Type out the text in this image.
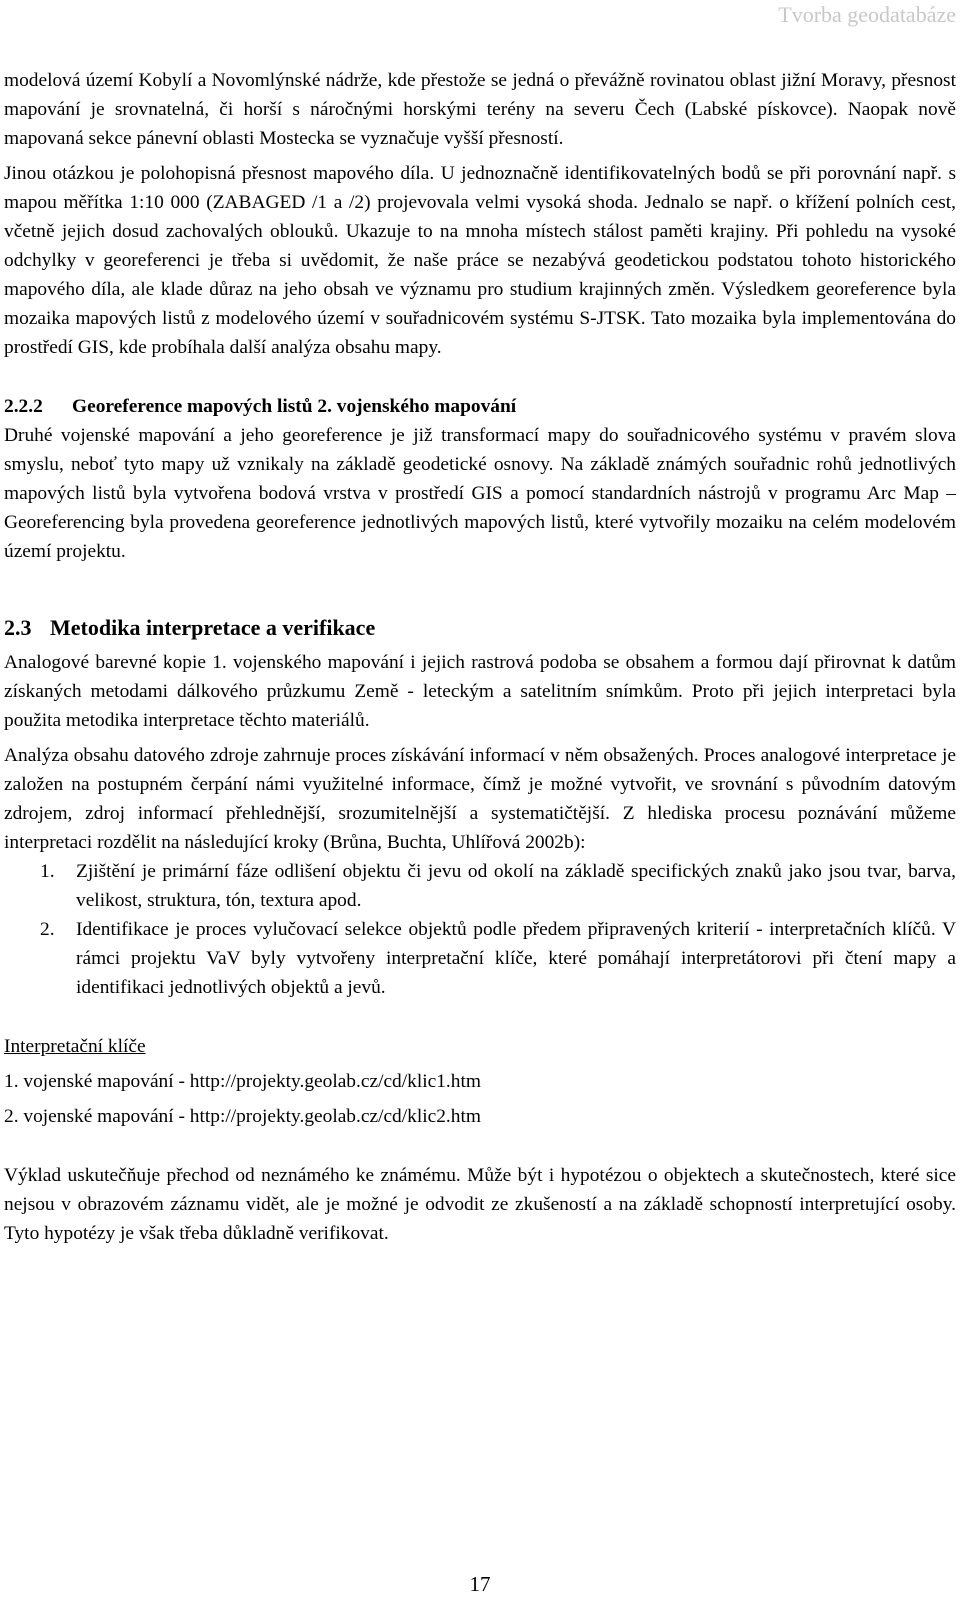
Tvorba geodatabáze

modelová území Kobylí a Novomlýnské nádrže, kde přestože se jedná o převážně rovinatou oblast jižní Moravy, přesnost mapování je srovnatelná, či horší s náročnými horskými terény na severu Čech (Labské pískovce). Naopak nově mapovaná sekce pánevní oblasti Mostecka se vyznačuje vyšší přesností.

Jinou otázkou je polohopisná přesnost mapového díla. U jednoznačně identifikovatelných bodů se při porovnání např. s mapou měřítka 1:10 000 (ZABAGED /1 a /2) projevovala velmi vysoká shoda. Jednalo se např. o křížení polních cest, včetně jejich dosud zachovalých oblouků. Ukazuje to na mnoha místech stálost paměti krajiny. Při pohledu na vysoké odchylky v georeferenci je třeba si uvědomit, že naše práce se nezabývá geodetickou podstatou tohoto historického mapového díla, ale klade důraz na jeho obsah ve významu pro studium krajinných změn. Výsledkem georeference byla mozaika mapových listů z modelového území v souřadnicovém systému S-JTSK. Tato mozaika byla implementována do prostředí GIS, kde probíhala další analýza obsahu mapy.

2.2.2 Georeference mapových listů 2. vojenského mapování

Druhé vojenské mapování a jeho georeference je již transformací mapy do souřadnicového systému v pravém slova smyslu, neboť tyto mapy už vznikaly na základě geodetické osnovy. Na základě známých souřadnic rohů jednotlivých mapových listů byla vytvořena bodová vrstva v prostředí GIS a pomocí standardních nástrojů v programu Arc Map – Georeferencing byla provedena georeference jednotlivých mapových listů, které vytvořily mozaiku na celém modelovém území projektu.

2.3 Metodika interpretace a verifikace

Analogové barevné kopie 1. vojenského mapování i jejich rastrová podoba se obsahem a formou dají přirovnat k datům získaných metodami dálkového průzkumu Země - leteckým a satelitním snímkům. Proto při jejich interpretaci byla použita metodika interpretace těchto materiálů.

Analýza obsahu datového zdroje zahrnuje proces získávání informací v něm obsažených. Proces analogové interpretace je založen na postupném čerpání námi využitelné informace, čímž je možné vytvořit, ve srovnání s původním datovým zdrojem, zdroj informací přehlednější, srozumitelnější a systematičtější. Z hlediska procesu poznávání můžeme interpretaci rozdělit na následující kroky (Brůna, Buchta, Uhlířová 2002b):

1.	Zjištění je primární fáze odlišení objektu či jevu od okolí na základě specifických znaků jako jsou tvar, barva, velikost, struktura, tón, textura apod.
2.	Identifikace je proces vylučovací selekce objektů podle předem připravených kriterií - interpretačních klíčů. V rámci projektu VaV byly vytvořeny interpretační klíče, které pomáhají interpretátorovi při čtení mapy a identifikaci jednotlivých objektů a jevů.

Interpretační klíče

1. vojenské mapování - http://projekty.geolab.cz/cd/klic1.htm

2. vojenské mapování - http://projekty.geolab.cz/cd/klic2.htm

Výklad uskutečňuje přechod od neznámého ke známému. Může být i hypotézou o objektech a skutečnostech, které sice nejsou v obrazovém záznamu vidět, ale je možné je odvodit ze zkušeností a na základě schopností interpretující osoby. Tyto hypotézy je však třeba důkladně verifikovat.

17
